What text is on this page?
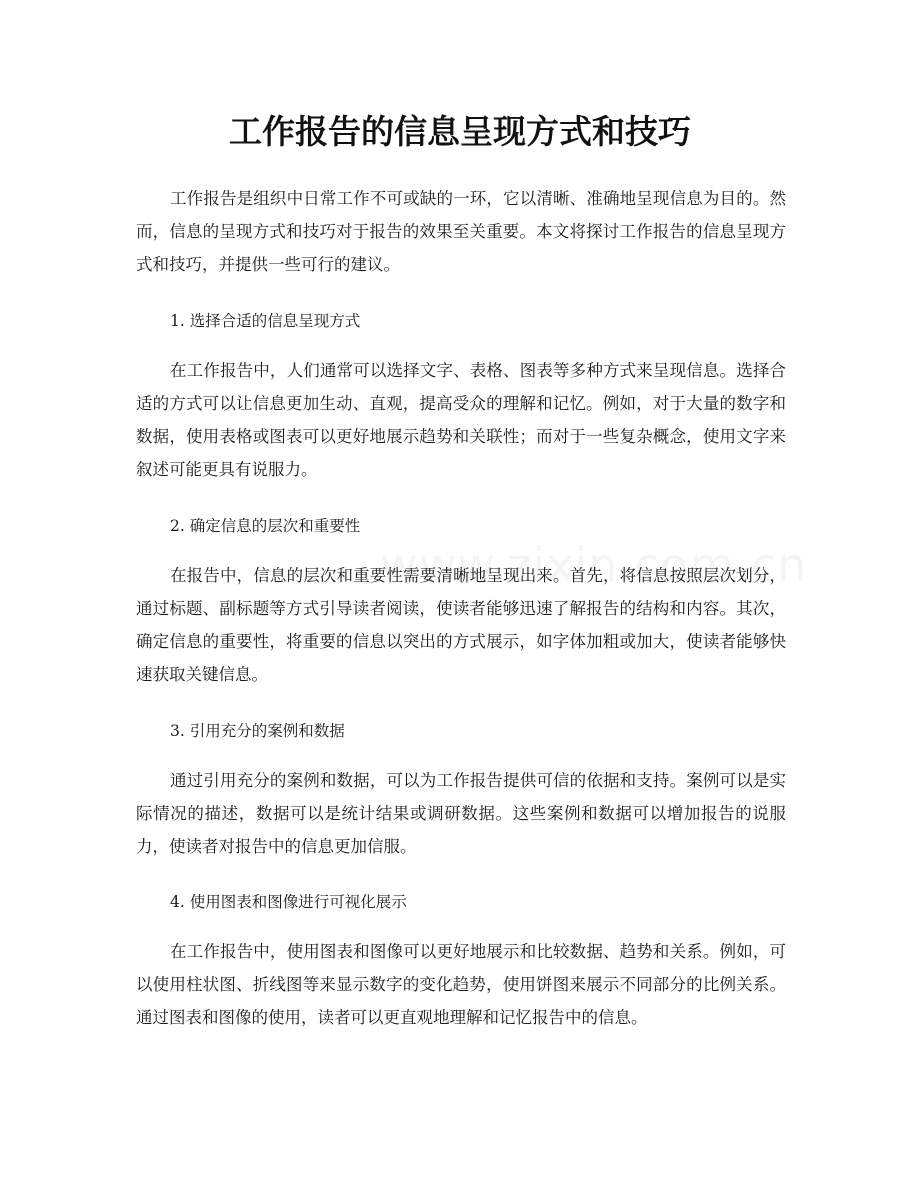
工作报告的信息呈现方式和技巧

工作报告是组织中日常工作不可或缺的一环，它以清晰、准确地呈现信息为目的。然而，信息的呈现方式和技巧对于报告的效果至关重要。本文将探讨工作报告的信息呈现方式和技巧，并提供一些可行的建议。

1. 选择合适的信息呈现方式

在工作报告中，人们通常可以选择文字、表格、图表等多种方式来呈现信息。选择合适的方式可以让信息更加生动、直观，提高受众的理解和记忆。例如，对于大量的数字和数据，使用表格或图表可以更好地展示趋势和关联性；而对于一些复杂概念，使用文字来叙述可能更具有说服力。

2. 确定信息的层次和重要性

在报告中，信息的层次和重要性需要清晰地呈现出来。首先，将信息按照层次划分，通过标题、副标题等方式引导读者阅读，使读者能够迅速了解报告的结构和内容。其次，确定信息的重要性，将重要的信息以突出的方式展示，如字体加粗或加大，使读者能够快速获取关键信息。

3. 引用充分的案例和数据

通过引用充分的案例和数据，可以为工作报告提供可信的依据和支持。案例可以是实际情况的描述，数据可以是统计结果或调研数据。这些案例和数据可以增加报告的说服力，使读者对报告中的信息更加信服。

4. 使用图表和图像进行可视化展示

在工作报告中，使用图表和图像可以更好地展示和比较数据、趋势和关系。例如，可以使用柱状图、折线图等来显示数字的变化趋势，使用饼图来展示不同部分的比例关系。通过图表和图像的使用，读者可以更直观地理解和记忆报告中的信息。
